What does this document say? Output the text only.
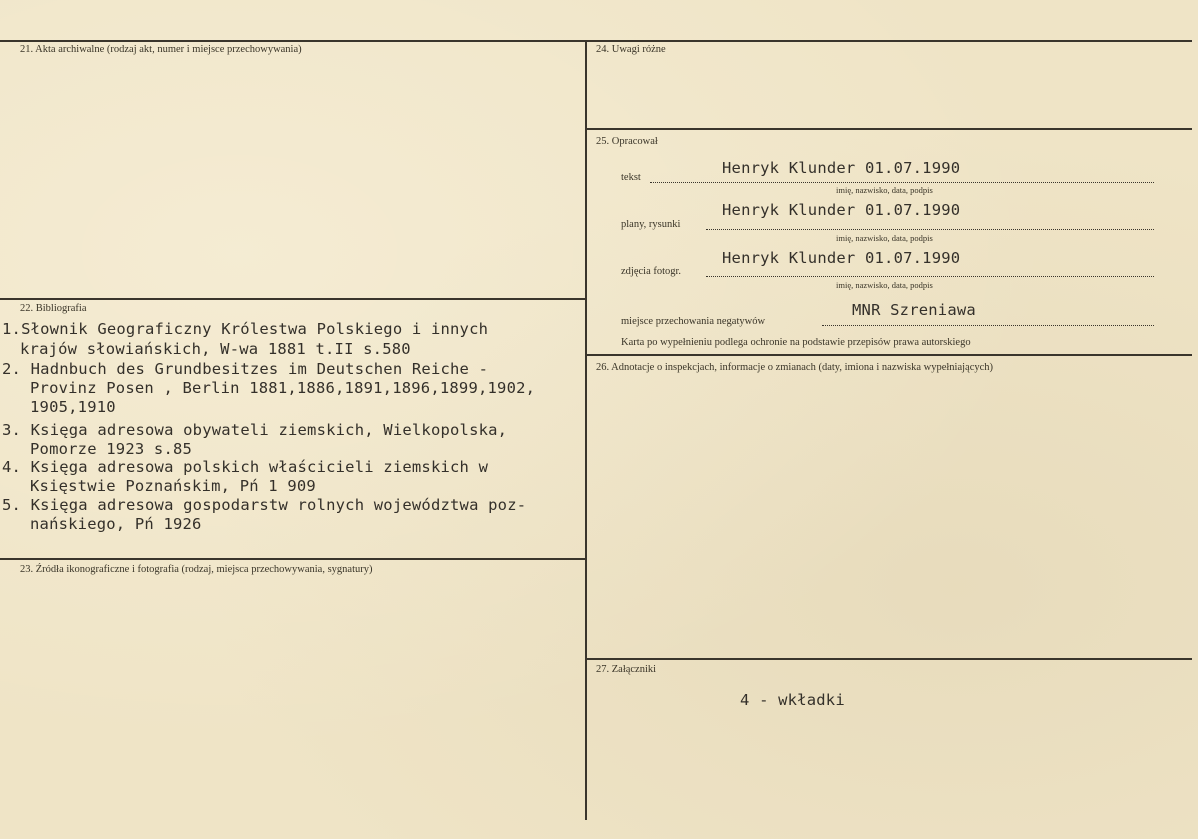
21. Akta archiwalne (rodzaj akt, numer i miejsce przechowywania)
22. Bibliografia
1.Słownik Geograficzny Królestwa Polskiego i innych
krajów słowiańskich, W-wa 1881 t.II s.580
2. Hadnbuch des Grundbesitzes im Deutschen Reiche -
Provinz Posen , Berlin 1881,1886,1891,1896,1899,1902,
1905,1910
3. Księga adresowa obywateli ziemskich, Wielkopolska,
Pomorze 1923 s.85
4. Księga adresowa polskich właścicieli ziemskich w
Księstwie Poznańskim, Pń 1 909
5. Księga adresowa gospodarstw rolnych województwa poz-
nańskiego, Pń 1926
23. Źródła ikonograficzne i fotografia (rodzaj, miejsca przechowywania, sygnatury)
24. Uwagi różne
25. Opracował
tekst
Henryk Klunder 01.07.1990
imię, nazwisko, data, podpis
plany, rysunki
Henryk Klunder 01.07.1990
imię, nazwisko, data, podpis
zdjęcia fotogr.
Henryk Klunder 01.07.1990
imię, nazwisko, data, podpis
miejsce przechowania negatywów
MNR Szreniawa
Karta po wypełnieniu podlega ochronie na podstawie przepisów prawa autorskiego
26. Adnotacje o inspekcjach, informacje o zmianach (daty, imiona i nazwiska wypełniających)
27. Załączniki
4 - wkładki
